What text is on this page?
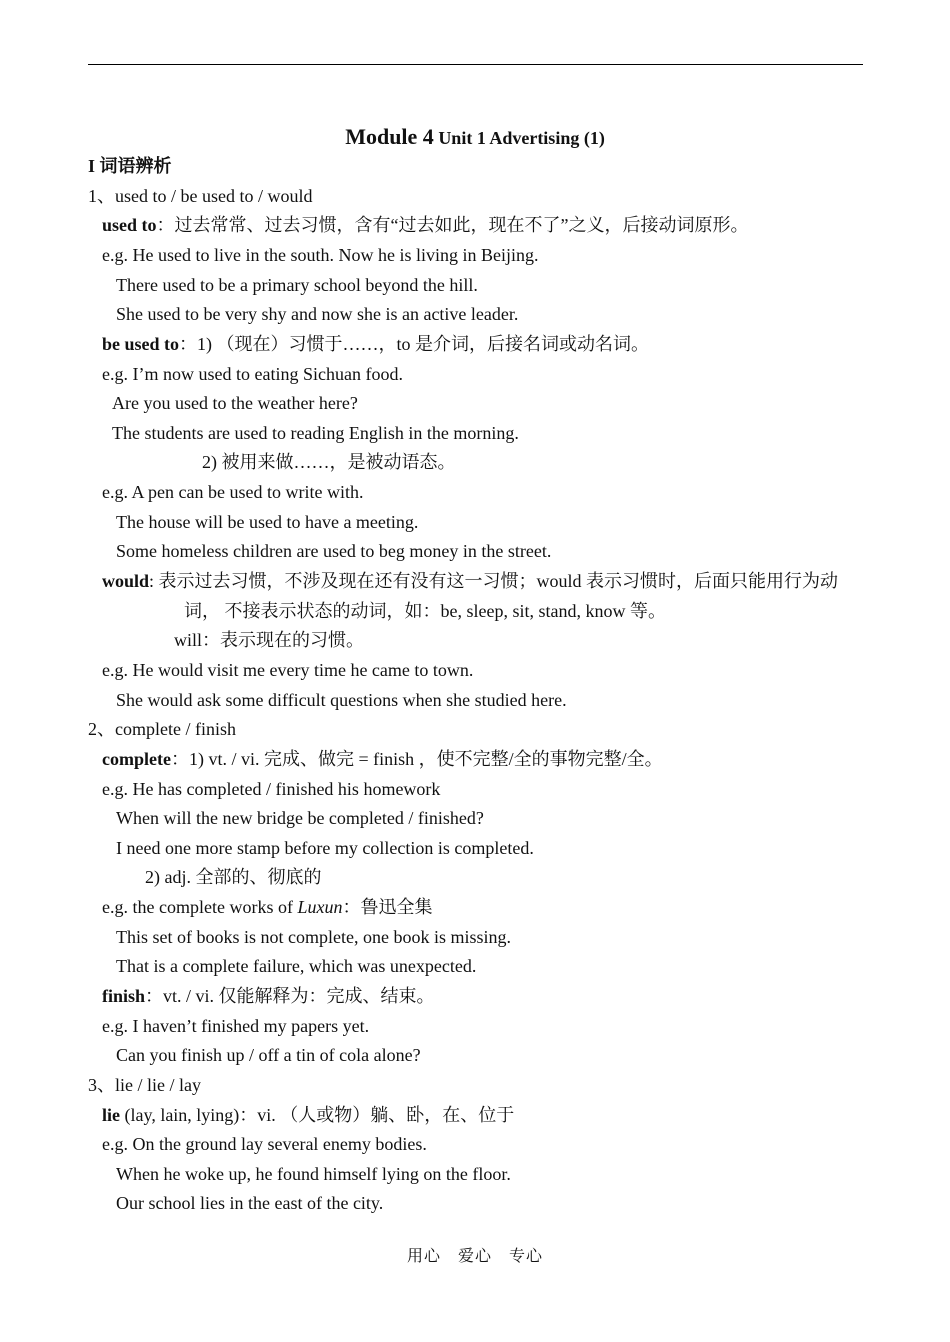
Module 4 Unit 1 Advertising (1)
I 词语辨析
1、used to / be used to / would
used to：过去常常、过去习惯，含有“过去如此，现在不了”之义，后接动词原形。
e.g. He used to live in the south. Now he is living in Beijing.
There used to be a primary school beyond the hill.
She used to be very shy and now she is an active leader.
be used to：1) （现在）习惯于……，to 是介词，后接名词或动名词。
e.g. I’m now used to eating Sichuan food.
Are you used to the weather here?
The students are used to reading English in the morning.
2) 被用来做……，是被动语态。
e.g. A pen can be used to write with.
The house will be used to have a meeting.
Some homeless children are used to beg money in the street.
would: 表示过去习惯，不涉及现在还有没有这一习惯；would 表示习惯时，后面只能用行为动
词， 不接表示状态的动词，如：be, sleep, sit, stand, know 等。
will：表示现在的习惯。
e.g. He would visit me every time he came to town.
She would ask some difficult questions when she studied here.
2、complete / finish
complete：1) vt. / vi. 完成、做完 = finish ，使不完整/全的事物完整/全。
e.g. He has completed / finished his homework
When will the new bridge be completed / finished?
I need one more stamp before my collection is completed.
2) adj. 全部的、彻底的
e.g. the complete works of Luxun：鲁迅全集
This set of books is not complete, one book is missing.
That is a complete failure, which was unexpected.
finish：vt. / vi. 仅能解释为：完成、结束。
e.g. I haven’t finished my papers yet.
Can you finish up / off a tin of cola alone?
3、lie / lie / lay
lie (lay, lain, lying)：vi. （人或物）躺、卧，在、位于
e.g. On the ground lay several enemy bodies.
When he woke up, he found himself lying on the floor.
Our school lies in the east of the city.
用心　爱心　专心
